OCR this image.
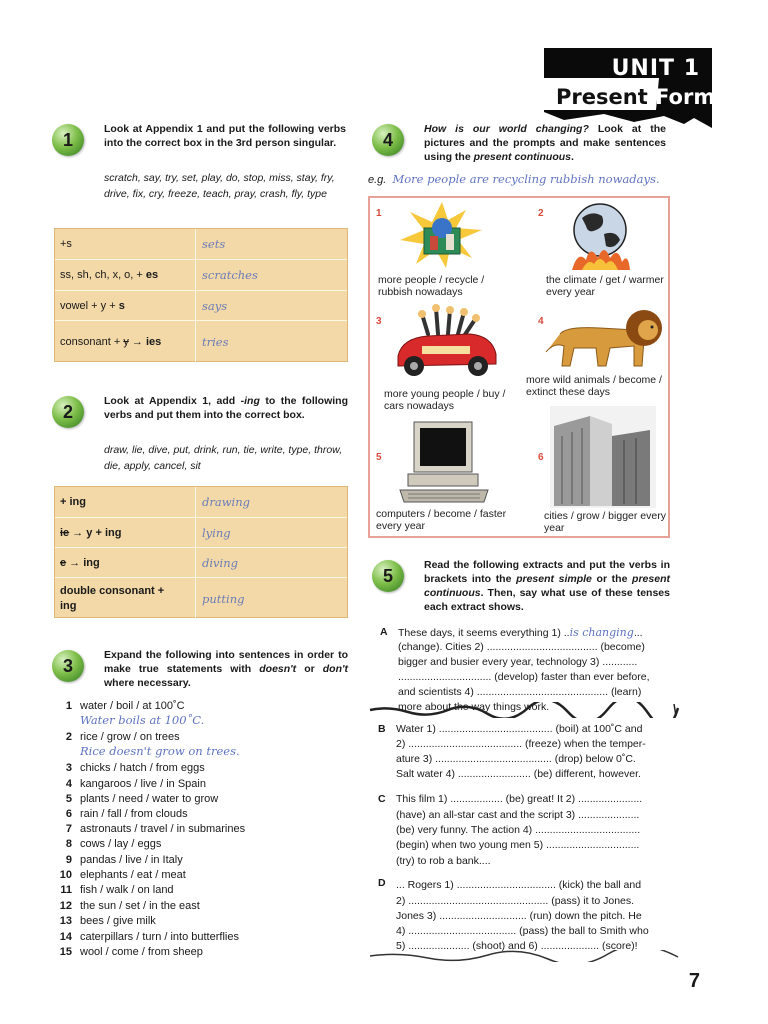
UNIT 1
Present Forms
1
Look at Appendix 1 and put the following verbs into the correct box in the 3rd person singular.
scratch, say, try, set, play, do, stop, miss, stay, fry, drive, fix, cry, freeze, teach, pray, crash, fly, type
+s	sets
ss, sh, ch, x, o, + es	scratches
vowel + y + s	says
consonant + y → ies	tries
2
Look at Appendix 1, add -ing to the following verbs and put them into the correct box.
draw, lie, dive, put, drink, run, tie, write, type, throw, die, apply, cancel, sit
+ ing	drawing
ie → y + ing	lying
e → ing	diving
double consonant + ing	putting
3
Expand the following into sentences in order to make true statements with doesn't or don't where necessary.
1 water / boil / at 100˚C
Water boils at 100˚C.
2 rice / grow / on trees
Rice doesn't grow on trees.
3 chicks / hatch / from eggs
4 kangaroos / live / in Spain
5 plants / need / water to grow
6 rain / fall / from clouds
7 astronauts / travel / in submarines
8 cows / lay / eggs
9 pandas / live / in Italy
10 elephants / eat / meat
11 fish / walk / on land
12 the sun / set / in the east
13 bees / give milk
14 caterpillars / turn / into butterflies
15 wool / come / from sheep
4
How is our world changing? Look at the pictures and the prompts and make sentences using the present continuous.
e.g. More people are recycling rubbish nowadays.
1
more people / recycle / rubbish nowadays
2
the climate / get / warmer every year
3
more young people / buy / cars nowadays
4
more wild animals / become / extinct these days
5
computers / become / faster every year
6
cities / grow / bigger every year
5
Read the following extracts and put the verbs in brackets into the present simple or the present continuous. Then, say what use of these tenses each extract shows.
A These days, it seems everything 1) ..is changing...
(change). Cities 2) ...................................... (become)
bigger and busier every year, technology 3) ............
................................ (develop) faster than ever before,
and scientists 4) ............................................. (learn)
more about the way things work.
B Water 1) ....................................... (boil) at 100˚C and
2) ....................................... (freeze) when the temper-
ature 3) ........................................ (drop) below 0˚C.
Salt water 4) ......................... (be) different, however.
C This film 1) .................. (be) great! It 2) ......................
(have) an all-star cast and the script 3) .....................
(be) very funny. The action 4) ....................................
(begin) when two young men 5) ................................
(try) to rob a bank....
D ... Rogers 1) .................................. (kick) the ball and
2) ................................................ (pass) it to Jones.
Jones 3) .............................. (run) down the pitch. He
4) ..................................... (pass) the ball to Smith who
5) ..................... (shoot) and 6) .................... (score)!
7
